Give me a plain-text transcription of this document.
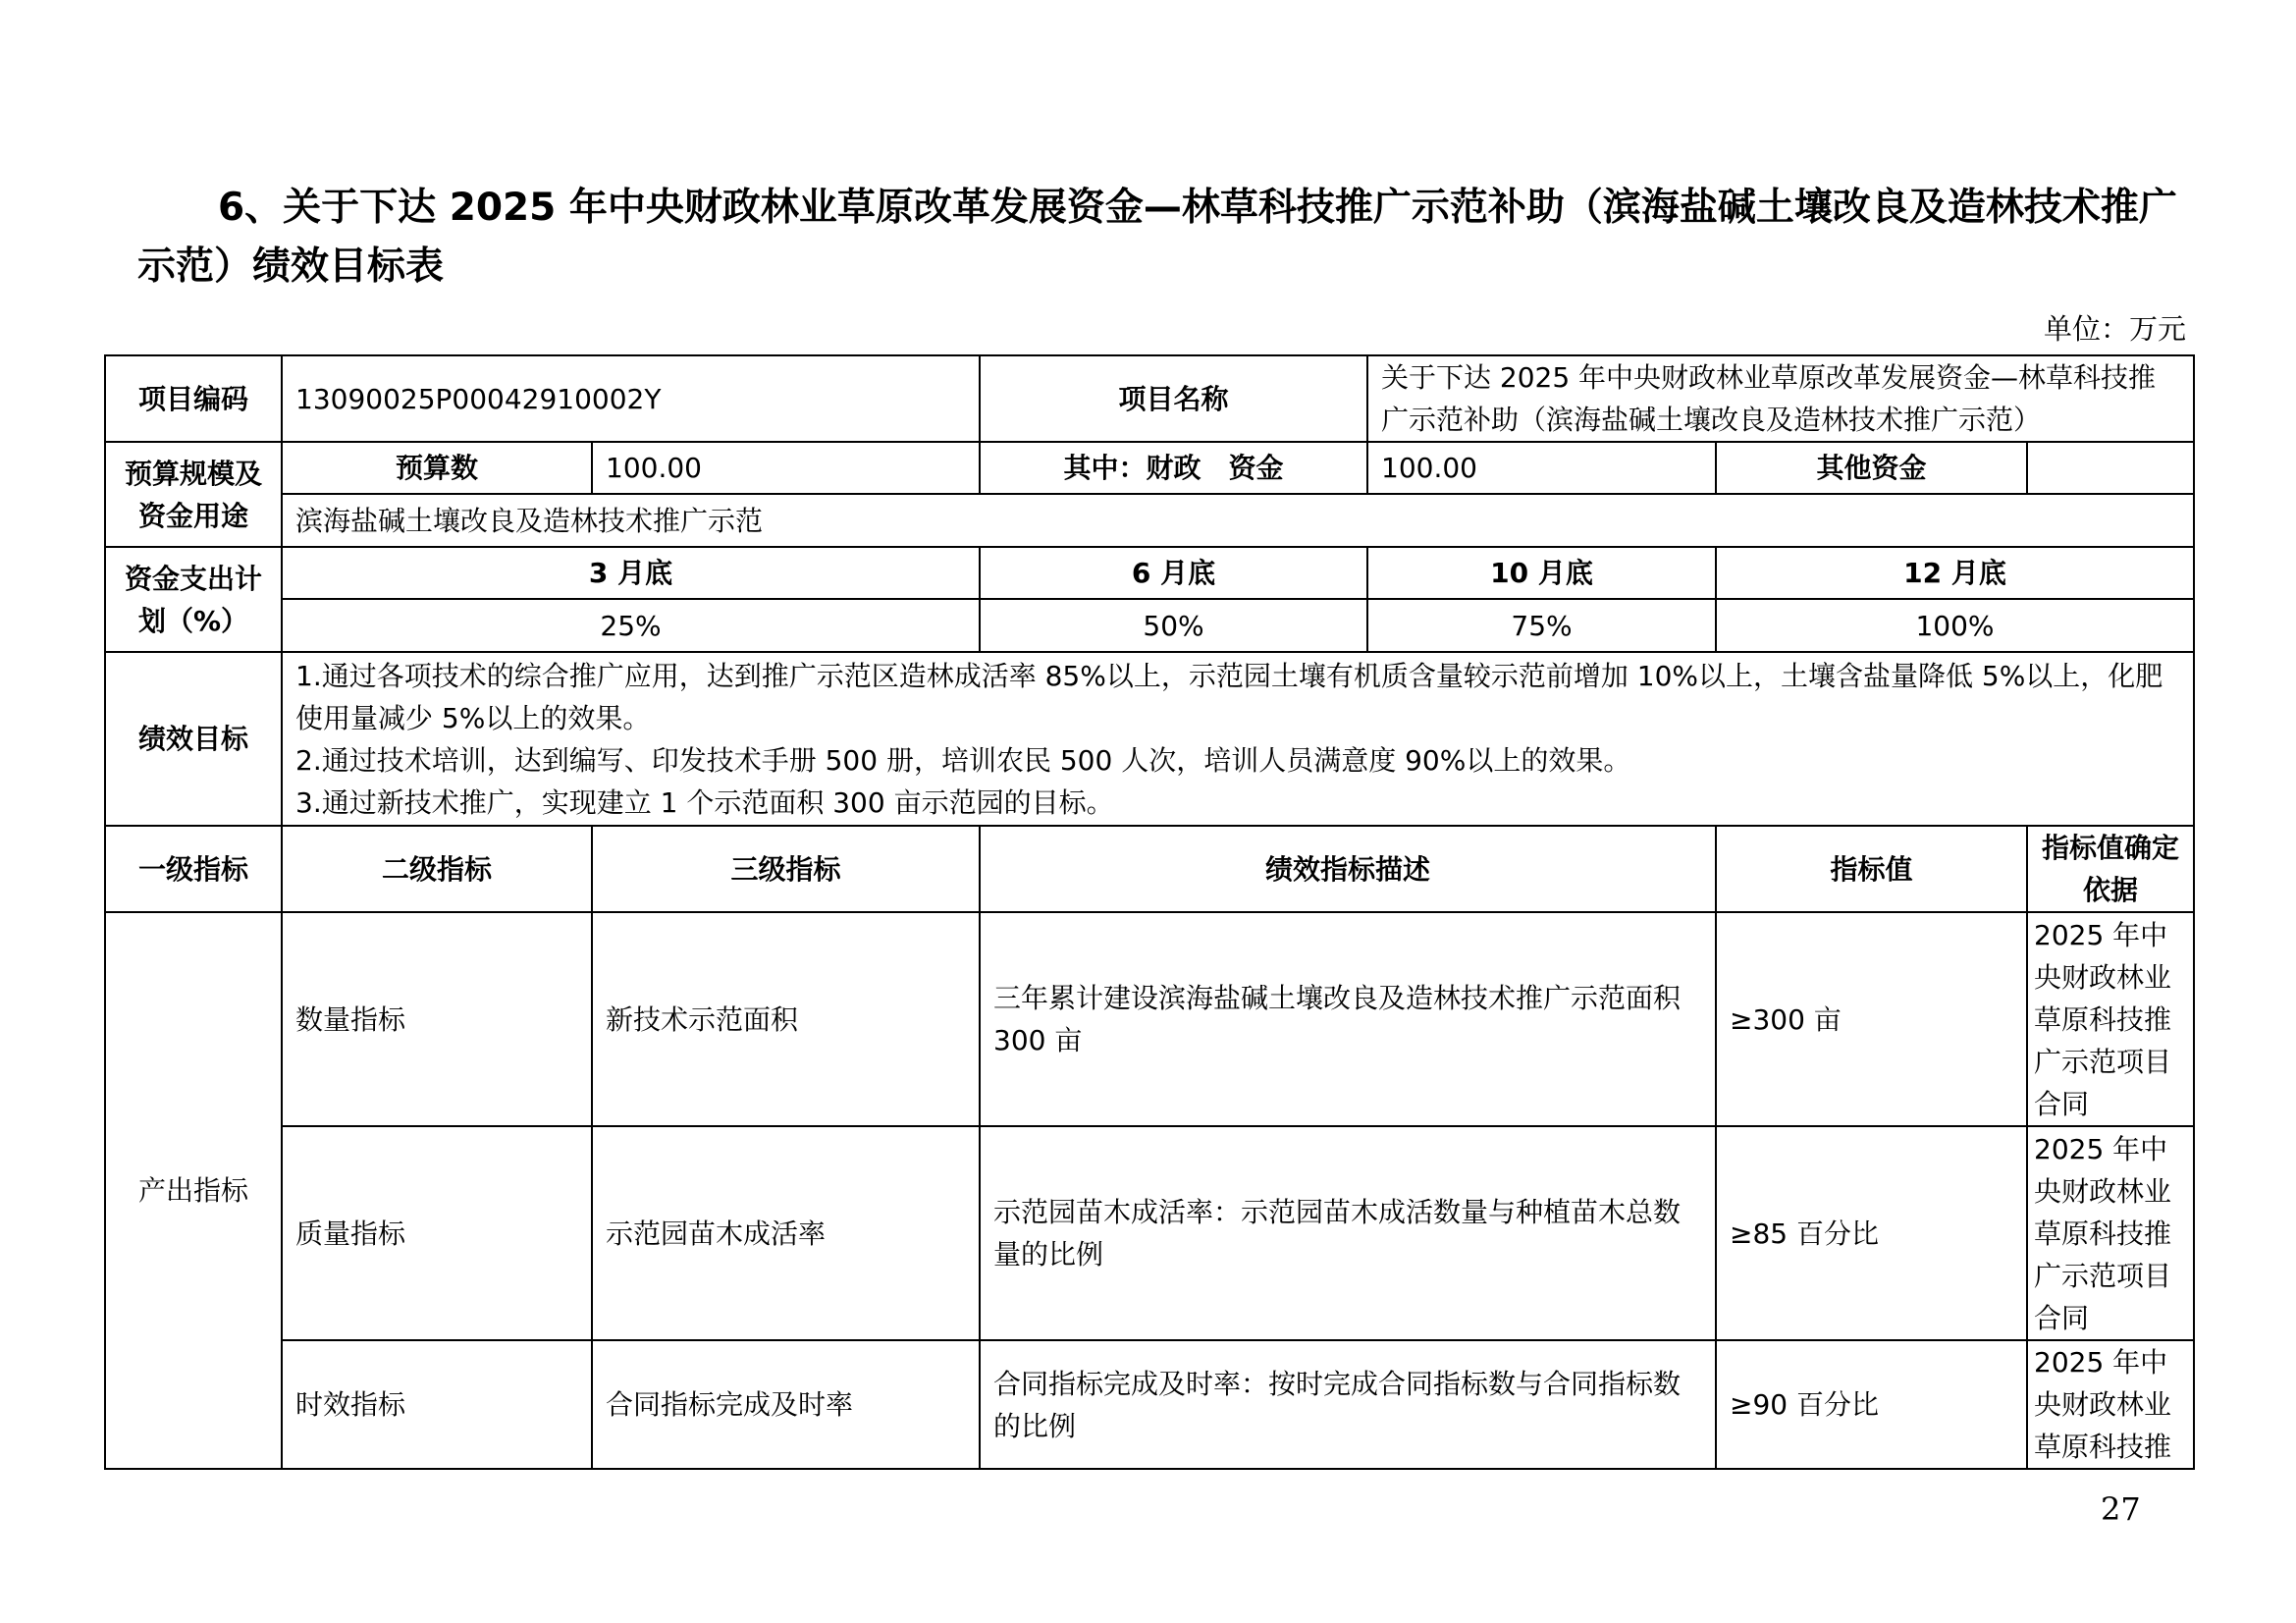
6、关于下达 2025 年中央财政林业草原改革发展资金—林草科技推广示范补助（滨海盐碱土壤改良及造林技术推广
示范）绩效目标表
单位：万元
项目编码	13090025P00042910002Y		项目名称	关于下达 2025 年中央财政林业草原改革发展资金—林草科技推广示范补助（滨海盐碱土壤改良及造林技术推广示范）		
预算规模及资金用途	预算数	100.00	其中：财政　资金	100.00	其他资金	
	滨海盐碱土壤改良及造林技术推广示范					
资金支出计划（%）	3 月底		6 月底	10 月底	12 月底	
	25%		50%	75%	100%	
绩效目标	1.通过各项技术的综合推广应用，达到推广示范区造林成活率 85%以上，示范园土壤有机质含量较示范前增加 10%以上，土壤含盐量降低 5%以上，化肥使用量减少 5%以上的效果。
2.通过技术培训，达到编写、印发技术手册 500 册，培训农民 500 人次，培训人员满意度 90%以上的效果。
3.通过新技术推广，实现建立 1 个示范面积 300 亩示范园的目标。					

一级指标	二级指标	三级指标	绩效指标描述		指标值	指标值确定依据
产出指标	数量指标	新技术示范面积	三年累计建设滨海盐碱土壤改良及造林技术推广示范面积 300 亩		≥300 亩	2025 年中央财政林业草原科技推广示范项目合同
	质量指标	示范园苗木成活率	示范园苗木成活率：示范园苗木成活数量与种植苗木总数量的比例		≥85 百分比	2025 年中央财政林业草原科技推广示范项目合同
	时效指标	合同指标完成及时率	合同指标完成及时率：按时完成合同指标数与合同指标数的比例		≥90 百分比	2025 年中央财政林业草原科技推
27
